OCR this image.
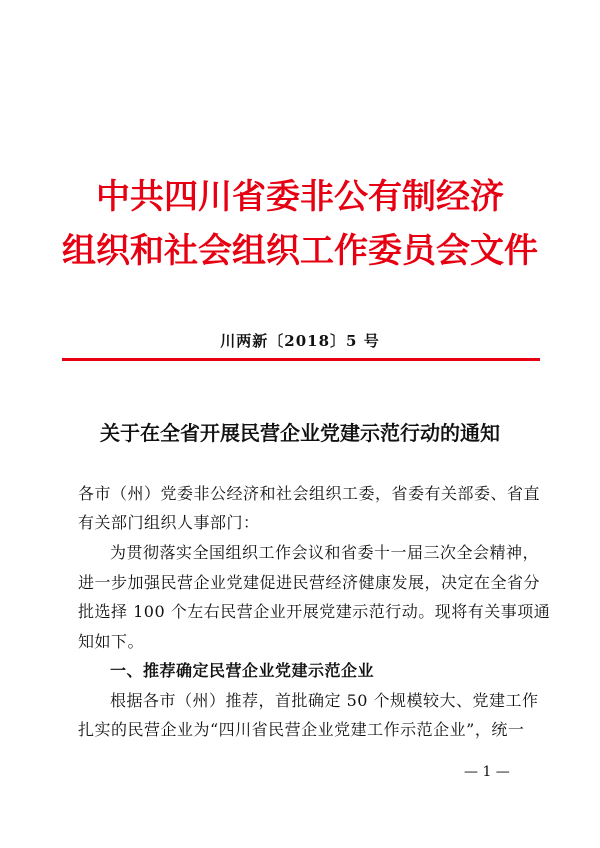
中共四川省委非公有制经济
组织和社会组织工作委员会文件
川两新〔2018〕5 号
关于在全省开展民营企业党建示范行动的通知
各市（州）党委非公经济和社会组织工委，省委有关部委、省直
有关部门组织人事部门：
为贯彻落实全国组织工作会议和省委十一届三次全会精神，
进一步加强民营企业党建促进民营经济健康发展，决定在全省分
批选择 100 个左右民营企业开展党建示范行动。现将有关事项通
知如下。
一、推荐确定民营企业党建示范企业
根据各市（州）推荐，首批确定 50 个规模较大、党建工作
扎实的民营企业为“四川省民营企业党建工作示范企业”，统一
— 1 —
